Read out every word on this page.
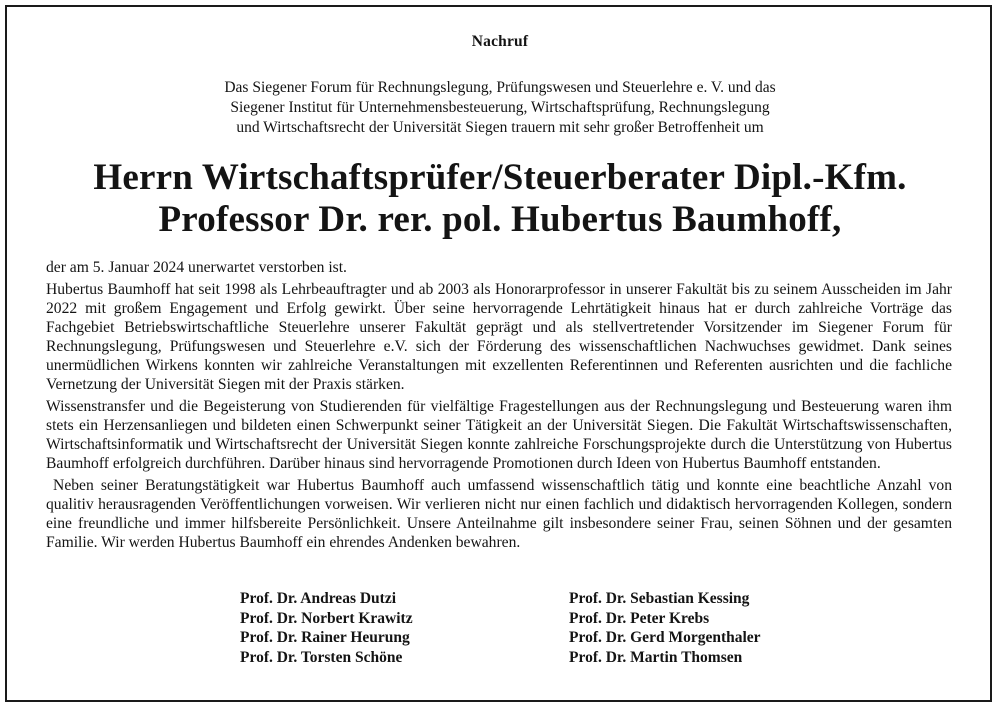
Nachruf
Das Siegener Forum für Rechnungslegung, Prüfungswesen und Steuerlehre e. V. und das
Siegener Institut für Unternehmensbesteuerung, Wirtschaftsprüfung, Rechnungslegung
und Wirtschaftsrecht der Universität Siegen trauern mit sehr großer Betroffenheit um
Herrn Wirtschaftsprüfer/Steuerberater Dipl.-Kfm.
Professor Dr. rer. pol. Hubertus Baumhoff,

der am 5. Januar 2024 unerwartet verstorben ist.

Hubertus Baumhoff hat seit 1998 als Lehrbeauftragter und ab 2003 als Honorarprofessor in unserer Fakultät bis zu seinem Ausscheiden im Jahr 2022 mit großem Engagement und Erfolg gewirkt. Über seine hervorragende Lehrtätigkeit hinaus hat er durch zahlreiche Vorträge das Fachgebiet Betriebswirtschaftliche Steuerlehre unserer Fakultät geprägt und als stellvertretender Vorsitzender im Siegener Forum für Rechnungslegung, Prüfungswesen und Steuerlehre e.V. sich der Förderung des wissenschaftlichen Nachwuchses gewidmet. Dank seines unermüdlichen Wirkens konnten wir zahlreiche Veranstaltungen mit exzellenten Referentinnen und Referenten ausrichten und die fachliche Vernetzung der Universität Siegen mit der Praxis stärken.

Wissenstransfer und die Begeisterung von Studierenden für vielfältige Fragestellungen aus der Rechnungslegung und Besteuerung waren ihm stets ein Herzensanliegen und bildeten einen Schwerpunkt seiner Tätigkeit an der Universität Siegen. Die Fakultät Wirtschaftswissenschaften, Wirtschaftsinformatik und Wirtschaftsrecht der Universität Siegen konnte zahlreiche Forschungsprojekte durch die Unterstützung von Hubertus Baumhoff erfolgreich durchführen. Darüber hinaus sind hervorragende Promotionen durch Ideen von Hubertus Baumhoff entstanden.

Neben seiner Beratungstätigkeit war Hubertus Baumhoff auch umfassend wissenschaftlich tätig und konnte eine beachtliche Anzahl von qualitiv herausragenden Veröffentlichungen vorweisen. Wir verlieren nicht nur einen fachlich und didaktisch hervorragenden Kollegen, sondern eine freundliche und immer hilfsbereite Persönlichkeit. Unsere Anteilnahme gilt insbesondere seiner Frau, seinen Söhnen und der gesamten Familie. Wir werden Hubertus Baumhoff ein ehrendes Andenken bewahren.

Prof. Dr. Andreas Dutzi
Prof. Dr. Norbert Krawitz
Prof. Dr. Rainer Heurung
Prof. Dr. Torsten Schöne
Prof. Dr. Sebastian Kessing
Prof. Dr. Peter Krebs
Prof. Dr. Gerd Morgenthaler
Prof. Dr. Martin Thomsen
